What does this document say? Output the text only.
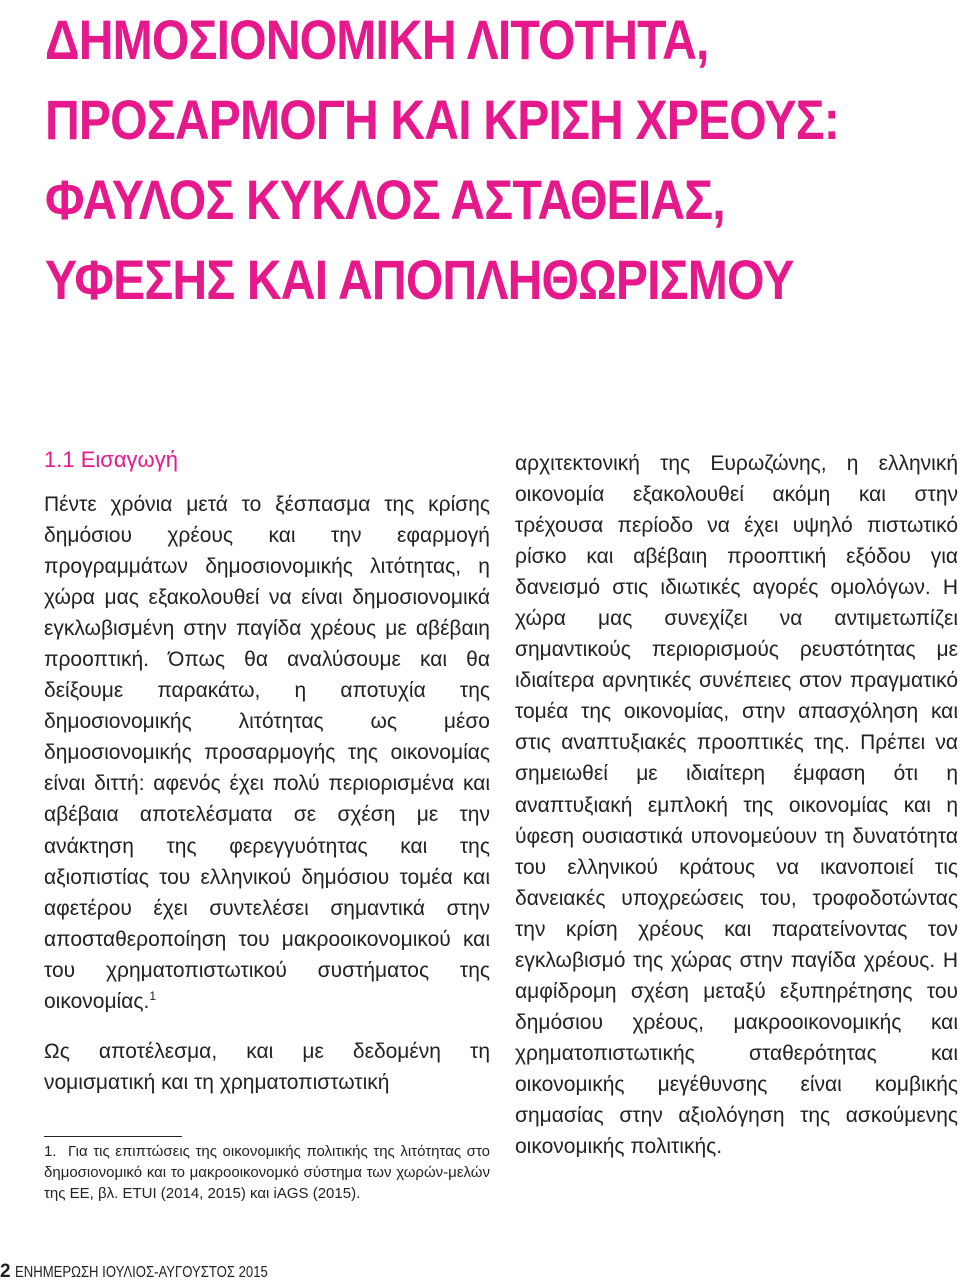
ΔΗΜΟΣΙΟΝΟΜΙΚΗ ΛΙΤΟΤΗΤΑ,
ΠΡΟΣΑΡΜΟΓΗ ΚΑΙ ΚΡΙΣΗ ΧΡΕΟΥΣ:
ΦΑΥΛΟΣ ΚΥΚΛΟΣ ΑΣΤΑΘΕΙΑΣ,
ΥΦΕΣΗΣ ΚΑΙ ΑΠΟΠΛΗΘΩΡΙΣΜΟΥ
1.1 Εισαγωγή

Πέντε χρόνια μετά το ξέσπασμα της κρίσης δημόσιου χρέους και την εφαρμογή προγραμμάτων δημοσιονομικής λιτότητας, η χώρα μας εξακολουθεί να είναι δημοσιονομικά εγκλωβισμένη στην παγίδα χρέους με αβέβαιη προοπτική. Όπως θα αναλύσουμε και θα δείξουμε παρακάτω, η αποτυχία της δημοσιονομικής λιτότητας ως μέσο δημοσιονομικής προσαρμογής της οικονομίας είναι διττή: αφενός έχει πολύ περιορισμένα και αβέβαια αποτελέσματα σε σχέση με την ανάκτηση της φερεγγυότητας και της αξιοπιστίας του ελληνικού δημόσιου τομέα και αφετέρου έχει συντελέσει σημαντικά στην αποσταθεροποίηση του μακροοικονομικού και του χρηματοπιστωτικού συστήματος της οικονομίας.$^1$

Ως αποτέλεσμα, και με δεδομένη τη νομισματική και τη χρηματοπιστωτική

αρχιτεκτονική της Ευρωζώνης, η ελληνική οικονομία εξακολουθεί ακόμη και στην τρέχουσα περίοδο να έχει υψηλό πιστωτικό ρίσκο και αβέβαιη προοπτική εξόδου για δανεισμό στις ιδιωτικές αγορές ομολόγων. Η χώρα μας συνεχίζει να αντιμετωπίζει σημαντικούς περιορισμούς ρευστότητας με ιδιαίτερα αρνητικές συνέπειες στον πραγματικό τομέα της οικονομίας, στην απασχόληση και στις αναπτυξιακές προοπτικές της. Πρέπει να σημειωθεί με ιδιαίτερη έμφαση ότι η αναπτυξιακή εμπλοκή της οικονομίας και η ύφεση ουσιαστικά υπονομεύουν τη δυνατότητα του ελληνικού κράτους να ικανοποιεί τις δανειακές υποχρεώσεις του, τροφοδοτώντας την κρίση χρέους και παρατείνοντας τον εγκλωβισμό της χώρας στην παγίδα χρέους. Η αμφίδρομη σχέση μεταξύ εξυπηρέτησης του δημόσιου χρέους, μακροοικονομικής και χρηματοπιστωτικής σταθερότητας και οικονομικής μεγέθυνσης είναι κομβικής σημασίας στην αξιολόγηση της ασκούμενης οικονομικής πολιτικής.

1. Για τις επιπτώσεις της οικονομικής πολιτικής της λιτότητας στο δημοσιονομικό και το μακροοικονομκό σύστημα των χωρών-μελών της ΕΕ, βλ. ETUI (2014, 2015) και iAGS (2015).
2 ΕΝΗΜΕΡΩΣΗ ΙΟΥΛΙΟΣ-ΑΥΓΟΥΣΤΟΣ 2015
